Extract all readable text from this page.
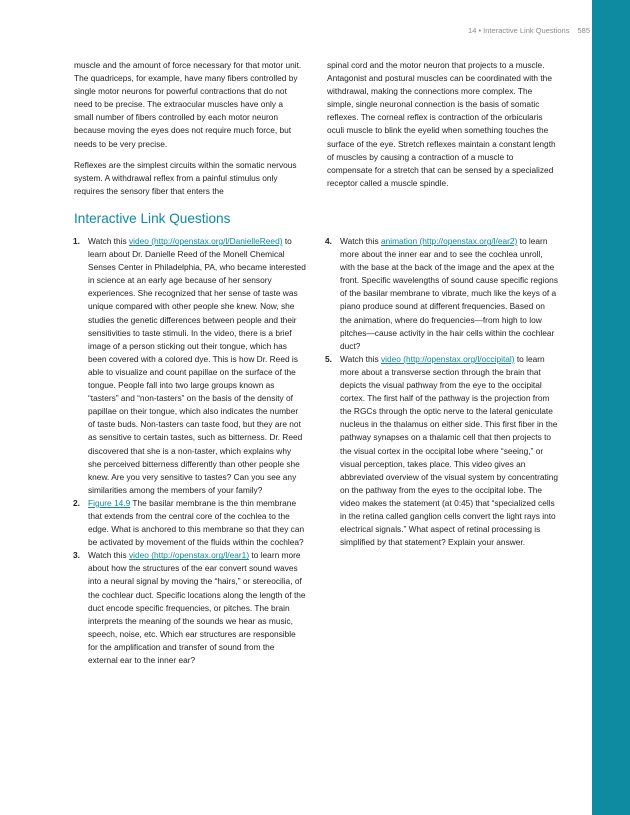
14 • Interactive Link Questions 585

muscle and the amount of force necessary for that motor unit. The quadriceps, for example, have many fibers controlled by single motor neurons for powerful contractions that do not need to be precise. The extraocular muscles have only a small number of fibers controlled by each motor neuron because moving the eyes does not require much force, but needs to be very precise.

Reflexes are the simplest circuits within the somatic nervous system. A withdrawal reflex from a painful stimulus only requires the sensory fiber that enters the

spinal cord and the motor neuron that projects to a muscle. Antagonist and postural muscles can be coordinated with the withdrawal, making the connections more complex. The simple, single neuronal connection is the basis of somatic reflexes. The corneal reflex is contraction of the orbicularis oculi muscle to blink the eyelid when something touches the surface of the eye. Stretch reflexes maintain a constant length of muscles by causing a contraction of a muscle to compensate for a stretch that can be sensed by a specialized receptor called a muscle spindle.

Interactive Link Questions
1. Watch this video (http://openstax.org/l/DanielleReed) to learn about Dr. Danielle Reed of the Monell Chemical Senses Center in Philadelphia, PA, who became interested in science at an early age because of her sensory experiences. She recognized that her sense of taste was unique compared with other people she knew. Now, she studies the genetic differences between people and their sensitivities to taste stimuli. In the video, there is a brief image of a person sticking out their tongue, which has been covered with a colored dye. This is how Dr. Reed is able to visualize and count papillae on the surface of the tongue. People fall into two large groups known as “tasters” and “non-tasters” on the basis of the density of papillae on their tongue, which also indicates the number of taste buds. Non-tasters can taste food, but they are not as sensitive to certain tastes, such as bitterness. Dr. Reed discovered that she is a non-taster, which explains why she perceived bitterness differently than other people she knew. Are you very sensitive to tastes? Can you see any similarities among the members of your family?
2. Figure 14.9 The basilar membrane is the thin membrane that extends from the central core of the cochlea to the edge. What is anchored to this membrane so that they can be activated by movement of the fluids within the cochlea?
3. Watch this video (http://openstax.org/l/ear1) to learn more about how the structures of the ear convert sound waves into a neural signal by moving the “hairs,” or stereocilia, of the cochlear duct. Specific locations along the length of the duct encode specific frequencies, or pitches. The brain interprets the meaning of the sounds we hear as music, speech, noise, etc. Which ear structures are responsible for the amplification and transfer of sound from the external ear to the inner ear?
4. Watch this animation (http://openstax.org/l/ear2) to learn more about the inner ear and to see the cochlea unroll, with the base at the back of the image and the apex at the front. Specific wavelengths of sound cause specific regions of the basilar membrane to vibrate, much like the keys of a piano produce sound at different frequencies. Based on the animation, where do frequencies—from high to low pitches—cause activity in the hair cells within the cochlear duct?
5. Watch this video (http://openstax.org/l/occipital) to learn more about a transverse section through the brain that depicts the visual pathway from the eye to the occipital cortex. The first half of the pathway is the projection from the RGCs through the optic nerve to the lateral geniculate nucleus in the thalamus on either side. This first fiber in the pathway synapses on a thalamic cell that then projects to the visual cortex in the occipital lobe where “seeing,” or visual perception, takes place. This video gives an abbreviated overview of the visual system by concentrating on the pathway from the eyes to the occipital lobe. The video makes the statement (at 0:45) that “specialized cells in the retina called ganglion cells convert the light rays into electrical signals.” What aspect of retinal processing is simplified by that statement? Explain your answer.
